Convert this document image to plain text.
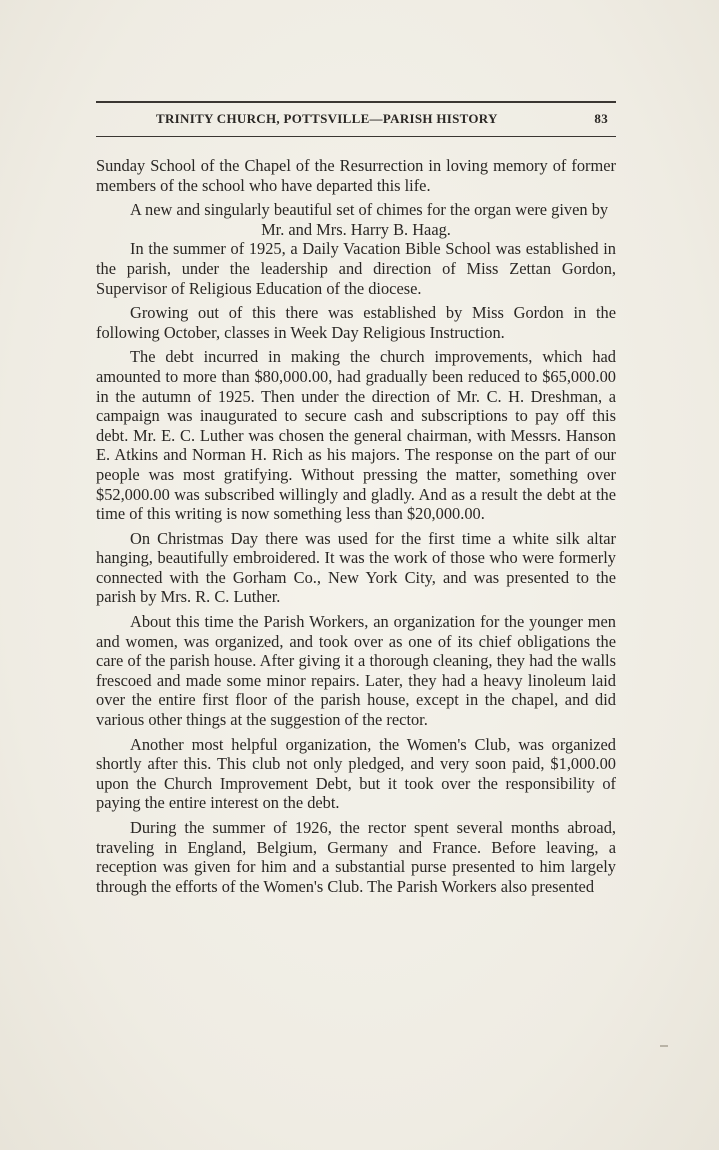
TRINITY CHURCH, POTTSVILLE—PARISH HISTORY	83

Sunday School of the Chapel of the Resurrection in loving memory of former members of the school who have departed this life.

A new and singularly beautiful set of chimes for the organ were given by

Mr. and Mrs. Harry B. Haag.

In the summer of 1925, a Daily Vacation Bible School was established in the parish, under the leadership and direction of Miss Zettan Gordon, Supervisor of Religious Education of the diocese.

Growing out of this there was established by Miss Gordon in the following October, classes in Week Day Religious Instruction.

The debt incurred in making the church improvements, which had amounted to more than $80,000.00, had gradually been reduced to $65,000.00 in the autumn of 1925. Then under the direction of Mr. C. H. Dreshman, a campaign was inaugurated to secure cash and subscriptions to pay off this debt. Mr. E. C. Luther was chosen the general chairman, with Messrs. Hanson E. Atkins and Norman H. Rich as his majors. The response on the part of our people was most gratifying. Without pressing the matter, something over $52,000.00 was subscribed willingly and gladly. And as a result the debt at the time of this writing is now something less than $20,000.00.

On Christmas Day there was used for the first time a white silk altar hanging, beautifully embroidered. It was the work of those who were formerly connected with the Gorham Co., New York City, and was presented to the parish by Mrs. R. C. Luther.

About this time the Parish Workers, an organization for the younger men and women, was organized, and took over as one of its chief obligations the care of the parish house. After giving it a thorough cleaning, they had the walls frescoed and made some minor repairs. Later, they had a heavy linoleum laid over the entire first floor of the parish house, except in the chapel, and did various other things at the suggestion of the rector.

Another most helpful organization, the Women's Club, was organized shortly after this. This club not only pledged, and very soon paid, $1,000.00 upon the Church Improvement Debt, but it took over the responsibility of paying the entire interest on the debt.

During the summer of 1926, the rector spent several months abroad, traveling in England, Belgium, Germany and France. Before leaving, a reception was given for him and a substantial purse presented to him largely through the efforts of the Women's Club. The Parish Workers also presented
